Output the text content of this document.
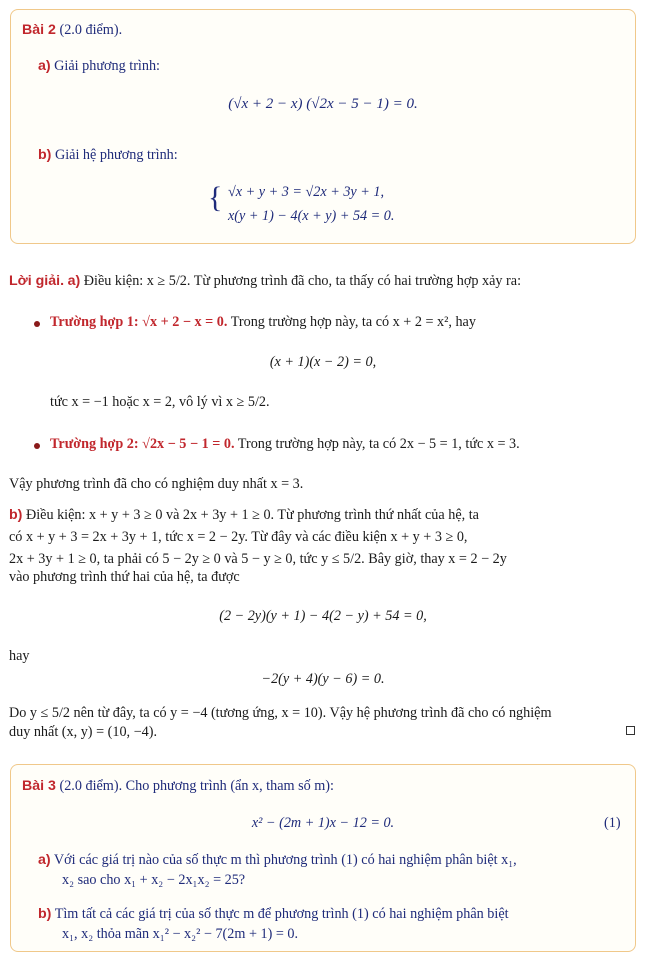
Bài 2 (2.0 điểm).
a) Giải phương trình:
(√x + 2 − x) (√2x − 5 − 1) = 0.
b) Giải hệ phương trình:
{ √x + y + 3 = √2x + 3y + 1,
x(y + 1) − 4(x + y) + 54 = 0.
Lời giải. a) Điều kiện: x ≥ 5/2. Từ phương trình đã cho, ta thấy có hai trường hợp xảy ra:
Trường hợp 1: √x + 2 − x = 0. Trong trường hợp này, ta có x + 2 = x², hay
(x + 1)(x − 2) = 0,
tức x = −1 hoặc x = 2, vô lý vì x ≥ 5/2.
Trường hợp 2: √2x − 5 − 1 = 0. Trong trường hợp này, ta có 2x − 5 = 1, tức x = 3.
Vậy phương trình đã cho có nghiệm duy nhất x = 3.
b) Điều kiện: x + y + 3 ≥ 0 và 2x + 3y + 1 ≥ 0. Từ phương trình thứ nhất của hệ, ta
có x + y + 3 = 2x + 3y + 1, tức x = 2 − 2y. Từ đây và các điều kiện x + y + 3 ≥ 0,
2x + 3y + 1 ≥ 0, ta phải có 5 − 2y ≥ 0 và 5 − y ≥ 0, tức y ≤ 5/2. Bây giờ, thay x = 2 − 2y
vào phương trình thứ hai của hệ, ta được
(2 − 2y)(y + 1) − 4(2 − y) + 54 = 0,
hay
−2(y + 4)(y − 6) = 0.
Do y ≤ 5/2 nên từ đây, ta có y = −4 (tương ứng, x = 10). Vậy hệ phương trình đã cho có nghiệm
duy nhất (x, y) = (10, −4).
Bài 3 (2.0 điểm). Cho phương trình (ẩn x, tham số m):
x² − (2m + 1)x − 12 = 0.	(1)
a) Với các giá trị nào của số thực m thì phương trình (1) có hai nghiệm phân biệt x₁,
x₂ sao cho x₁ + x₂ − 2x₁x₂ = 25?
b) Tìm tất cả các giá trị của số thực m để phương trình (1) có hai nghiệm phân biệt
x₁, x₂ thỏa mãn x₁² − x₂² − 7(2m + 1) = 0.
